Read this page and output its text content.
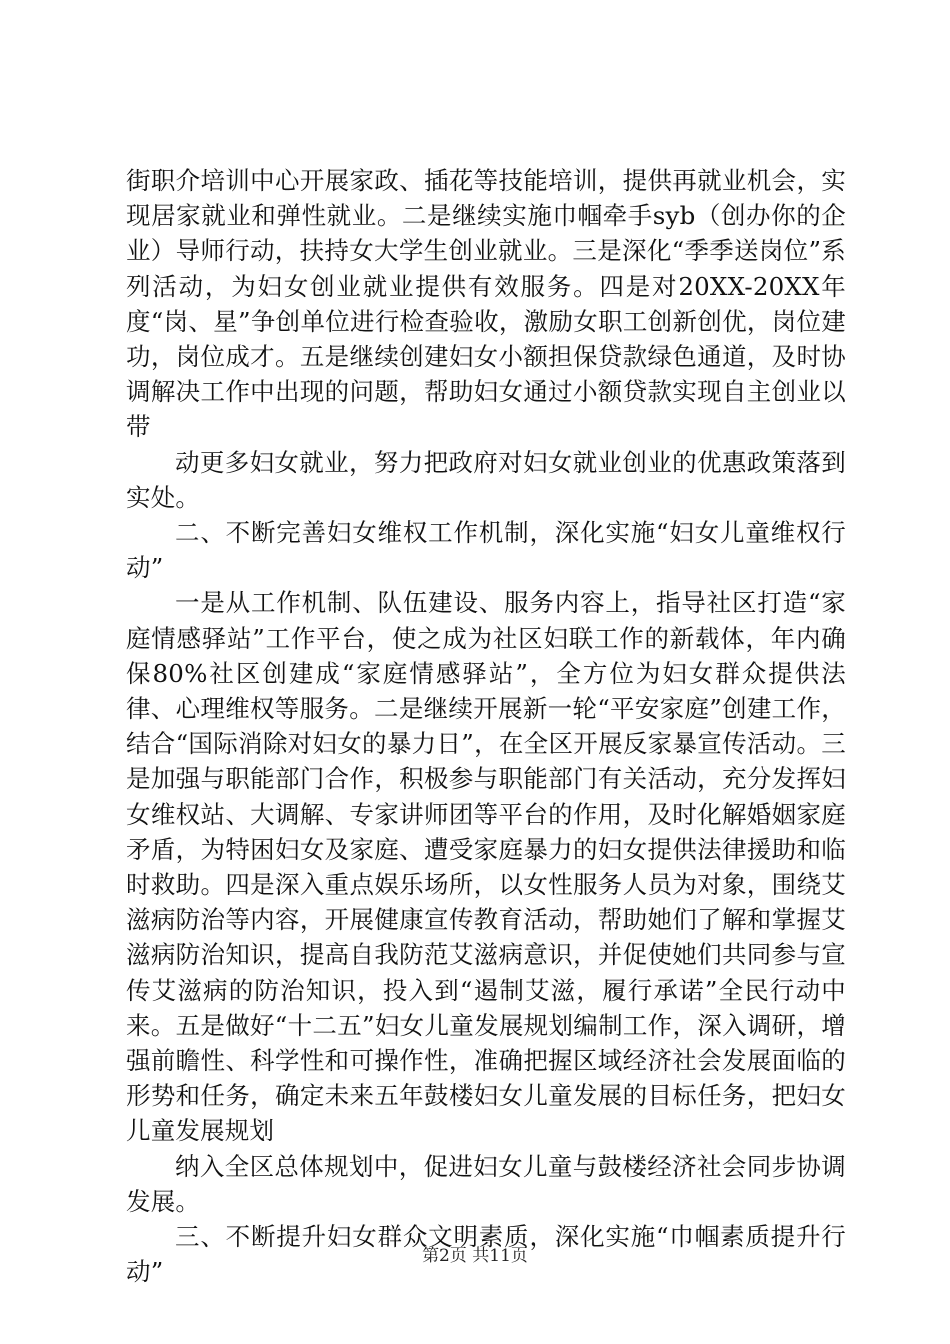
街职介培训中心开展家政、插花等技能培训，提供再就业机会，实现居家就业和弹性就业。二是继续实施巾帼牵手syb（创办你的企业）导师行动，扶持女大学生创业就业。三是深化“季季送岗位”系列活动，为妇女创业就业提供有效服务。四是对20XX-20XX年度“岗、星”争创单位进行检查验收，激励女职工创新创优，岗位建功，岗位成才。五是继续创建妇女小额担保贷款绿色通道，及时协调解决工作中出现的问题，帮助妇女通过小额贷款实现自主创业以带

动更多妇女就业，努力把政府对妇女就业创业的优惠政策落到实处。

二、不断完善妇女维权工作机制，深化实施“妇女儿童维权行动”

一是从工作机制、队伍建设、服务内容上，指导社区打造“家庭情感驿站”工作平台，使之成为社区妇联工作的新载体，年内确保80%社区创建成“家庭情感驿站”，全方位为妇女群众提供法律、心理维权等服务。二是继续开展新一轮“平安家庭”创建工作，结合“国际消除对妇女的暴力日”，在全区开展反家暴宣传活动。三是加强与职能部门合作，积极参与职能部门有关活动，充分发挥妇女维权站、大调解、专家讲师团等平台的作用，及时化解婚姻家庭矛盾，为特困妇女及家庭、遭受家庭暴力的妇女提供法律援助和临时救助。四是深入重点娱乐场所，以女性服务人员为对象，围绕艾滋病防治等内容，开展健康宣传教育活动，帮助她们了解和掌握艾滋病防治知识，提高自我防范艾滋病意识，并促使她们共同参与宣传艾滋病的防治知识，投入到“遏制艾滋，履行承诺”全民行动中来。五是做好“十二五”妇女儿童发展规划编制工作，深入调研，增强前瞻性、科学性和可操作性，准确把握区域经济社会发展面临的形势和任务，确定未来五年鼓楼妇女儿童发展的目标任务，把妇女儿童发展规划

纳入全区总体规划中，促进妇女儿童与鼓楼经济社会同步协调发展。

三、不断提升妇女群众文明素质，深化实施“巾帼素质提升行动”

第2页 共11页
